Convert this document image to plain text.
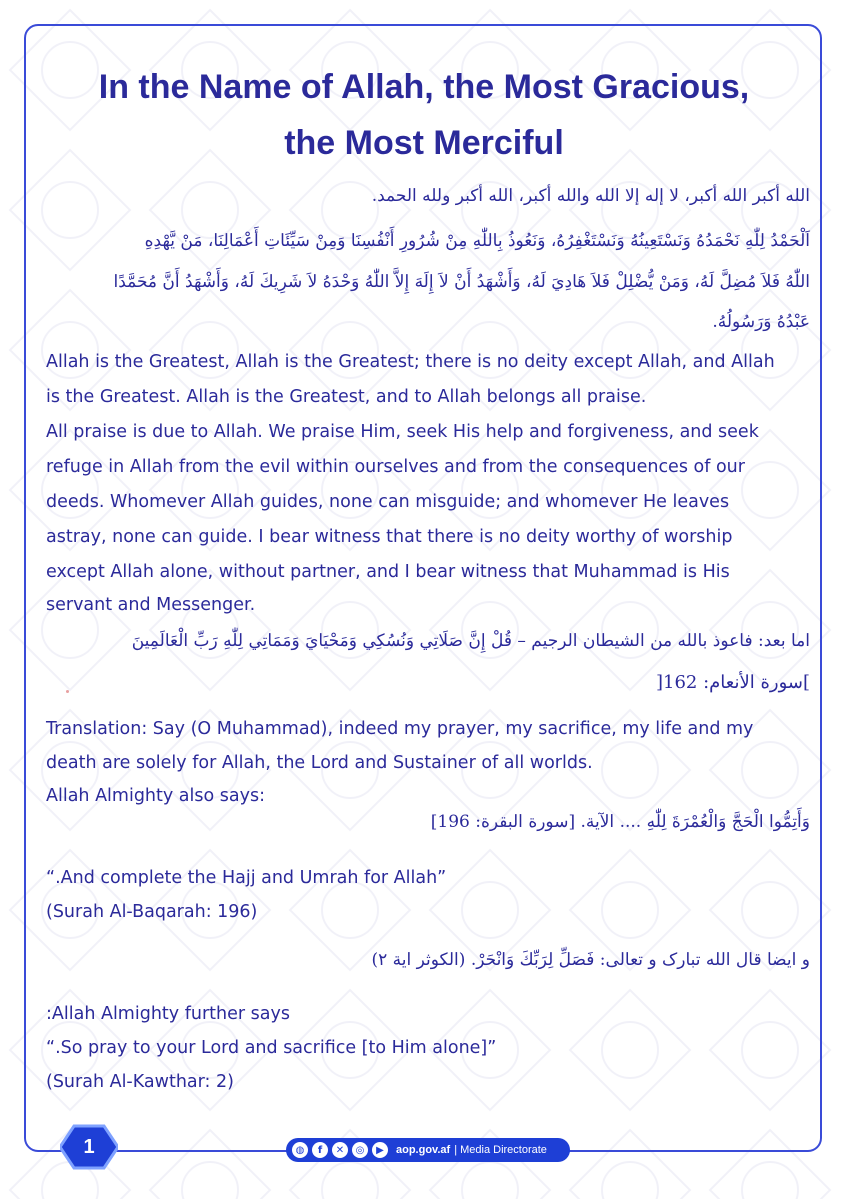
In the Name of Allah, the Most Gracious,
the Most Merciful
الله أكبر الله أكبر، لا إله إلا الله والله أكبر، الله أكبر ولله الحمد.
اَلْحَمْدُ لِلّٰهِ نَحْمَدُهُ وَنَسْتَعِينُهُ وَنَسْتَغْفِرُهُ، وَنَعُوذُ بِاللّٰهِ مِنْ شُرُورِ أَنْفُسِنَا وَمِنْ سَيِّئَاتِ أَعْمَالِنَا، مَنْ يَّهْدِهِ
اللّٰهُ فَلاَ مُضِلَّ لَهُ، وَمَنْ يُّضْلِلْ فَلاَ هَادِيَ لَهُ، وَأَشْهَدُ أَنْ لاَ إِلَهَ إِلاَّ اللّٰهُ وَحْدَهُ لاَ شَرِيكَ لَهُ، وَأَشْهَدُ أَنَّ مُحَمَّدًا
عَبْدُهُ وَرَسُولُهُ.
Allah is the Greatest, Allah is the Greatest; there is no deity except Allah, and Allah
is the Greatest. Allah is the Greatest, and to Allah belongs all praise.
All praise is due to Allah. We praise Him, seek His help and forgiveness, and seek
refuge in Allah from the evil within ourselves and from the consequences of our
deeds. Whomever Allah guides, none can misguide; and whomever He leaves
astray, none can guide. I bear witness that there is no deity worthy of worship
except Allah alone, without partner, and I bear witness that Muhammad is His
servant and Messenger.
اما بعد: فاعوذ بالله من الشيطان الرجيم – قُلْ إِنَّ صَلَاتِي وَنُسُكِي وَمَحْيَايَ وَمَمَاتِي لِلّٰهِ رَبِّ الْعَالَمِينَ
]سورة الأنعام: 162[
Translation: Say (O Muhammad), indeed my prayer, my sacrifice, my life and my
death are solely for Allah, the Lord and Sustainer of all worlds.
Allah Almighty also says:
وَأَتِمُّوا الْحَجَّ وَالْعُمْرَةَ لِلّٰهِ .... الآية. [سورة البقرة: 196]
“.And complete the Hajj and Umrah for Allah”
(Surah Al-Baqarah: 196)
و ایضا قال الله تبارک و تعالی: فَصَلِّ لِرَبِّكَ وَانْحَرْ. (الکوثر ایة ۲)
:Allah Almighty further says
“.So pray to your Lord and sacrifice [to Him alone]”
(Surah Al-Kawthar: 2)
1	◍	f	✕	◎	▶	aop.gov.af | Media Directorate
